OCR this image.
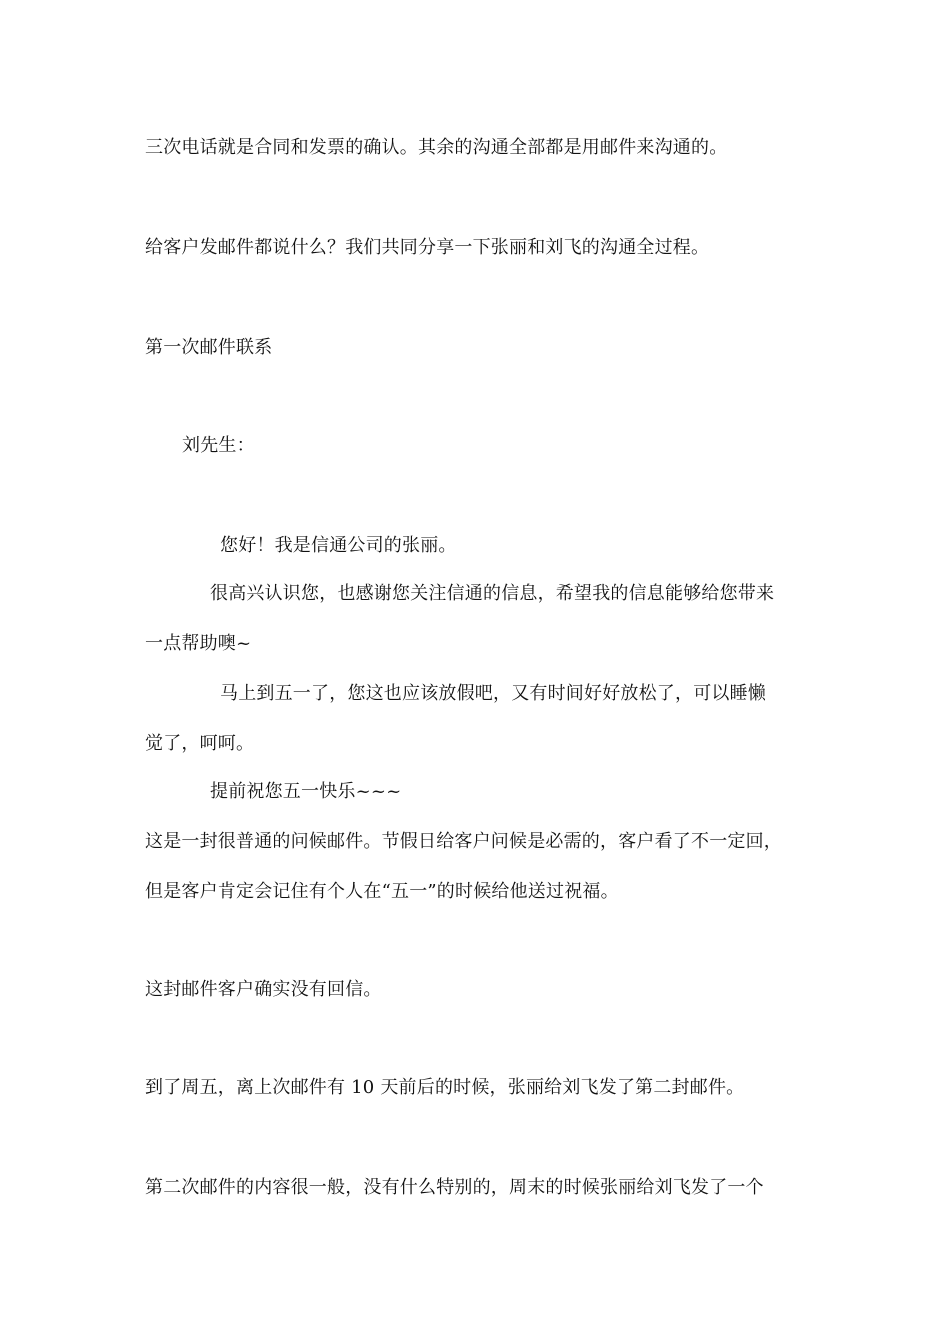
三次电话就是合同和发票的确认。其余的沟通全部都是用邮件来沟通的。
给客户发邮件都说什么？我们共同分享一下张丽和刘飞的沟通全过程。
第一次邮件联系
刘先生：
您好！我是信通公司的张丽。
很高兴认识您，也感谢您关注信通的信息，希望我的信息能够给您带来
一点帮助噢~
马上到五一了，您这也应该放假吧，又有时间好好放松了，可以睡懒
觉了，呵呵。
提前祝您五一快乐~~~
这是一封很普通的问候邮件。节假日给客户问候是必需的，客户看了不一定回，
但是客户肯定会记住有个人在“五一”的时候给他送过祝福。
这封邮件客户确实没有回信。
到了周五，离上次邮件有 10 天前后的时候，张丽给刘飞发了第二封邮件。
第二次邮件的内容很一般，没有什么特别的，周末的时候张丽给刘飞发了一个
